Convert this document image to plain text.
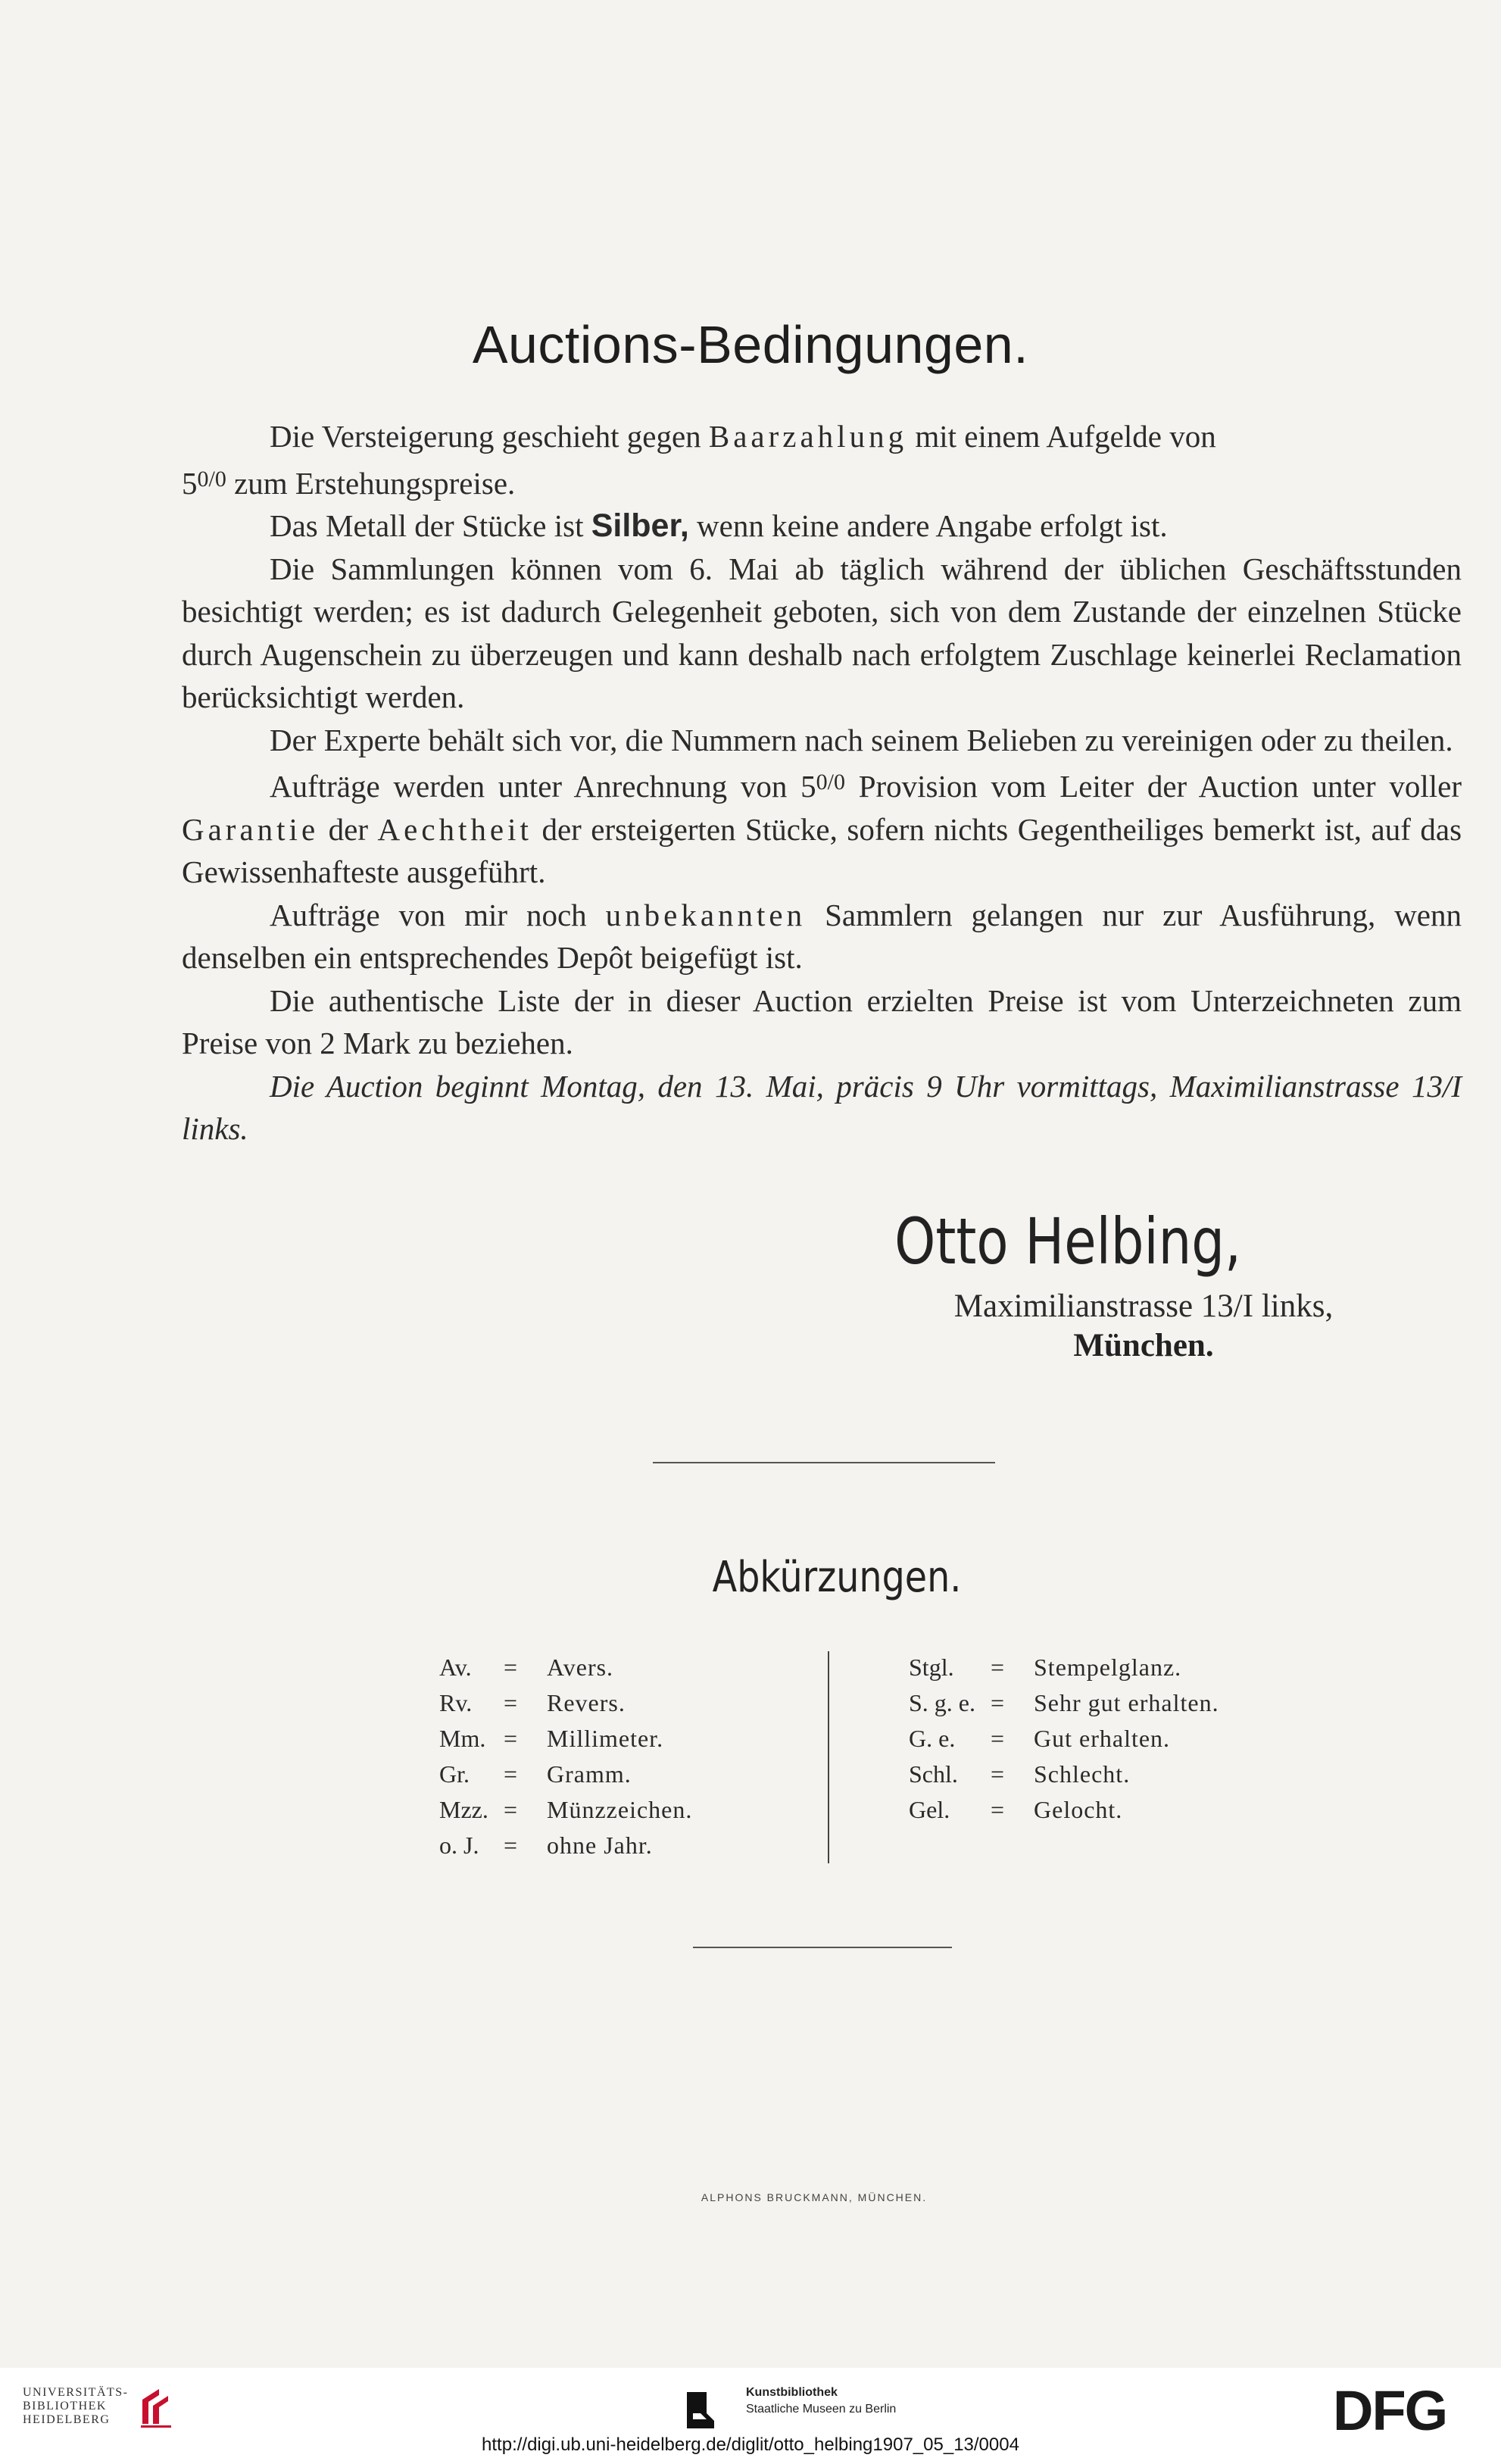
Auctions-Bedingungen.

Die Versteigerung geschieht gegen Baarzahlung mit einem Aufgelde von
$5^{0/0}$ zum Erstehungspreise.

Das Metall der Stücke ist Silber, wenn keine andere Angabe erfolgt ist.

Die Sammlungen können vom 6. Mai ab täglich während der üblichen Geschäftsstunden besichtigt werden; es ist dadurch Gelegenheit geboten, sich von dem Zustande der einzelnen Stücke durch Augenschein zu überzeugen und kann deshalb nach erfolgtem Zuschlage keinerlei Reclamation berücksichtigt werden.

Der Experte behält sich vor, die Nummern nach seinem Belieben zu vereinigen oder zu theilen.

Aufträge werden unter Anrechnung von $5^{0/0}$ Provision vom Leiter der Auction unter voller Garantie der Aechtheit der ersteigerten Stücke, sofern nichts Gegentheiliges bemerkt ist, auf das Gewissenhafteste ausgeführt.

Aufträge von mir noch unbekannten Sammlern gelangen nur zur Ausführung, wenn denselben ein entsprechendes Depôt beigefügt ist.

Die authentische Liste der in dieser Auction erzielten Preise ist vom Unterzeichneten zum Preise von 2 Mark zu beziehen.

Die Auction beginnt Montag, den 13. Mai, präcis 9 Uhr vormittags, Maximilianstrasse 13/I links.

Otto Helbing,
Maximilianstrasse 13/I links,
München.
Abkürzungen.
Av. = Avers.
Rv. = Revers.
Mm. = Millimeter.
Gr. = Gramm.
Mzz. = Münzzeichen.
o. J. = ohne Jahr.
Stgl. = Stempelglanz.
S. g. e. = Sehr gut erhalten.
G. e. = Gut erhalten.
Schl. = Schlecht.
Gel. = Gelocht.
ALPHONS BRUCKMANN, MÜNCHEN.
UNIVERSITÄTS-
BIBLIOTHEK
HEIDELBERG
Kunstbibliothek
Staatliche Museen zu Berlin	DFG
http://digi.ub.uni-heidelberg.de/diglit/otto_helbing1907_05_13/0004
